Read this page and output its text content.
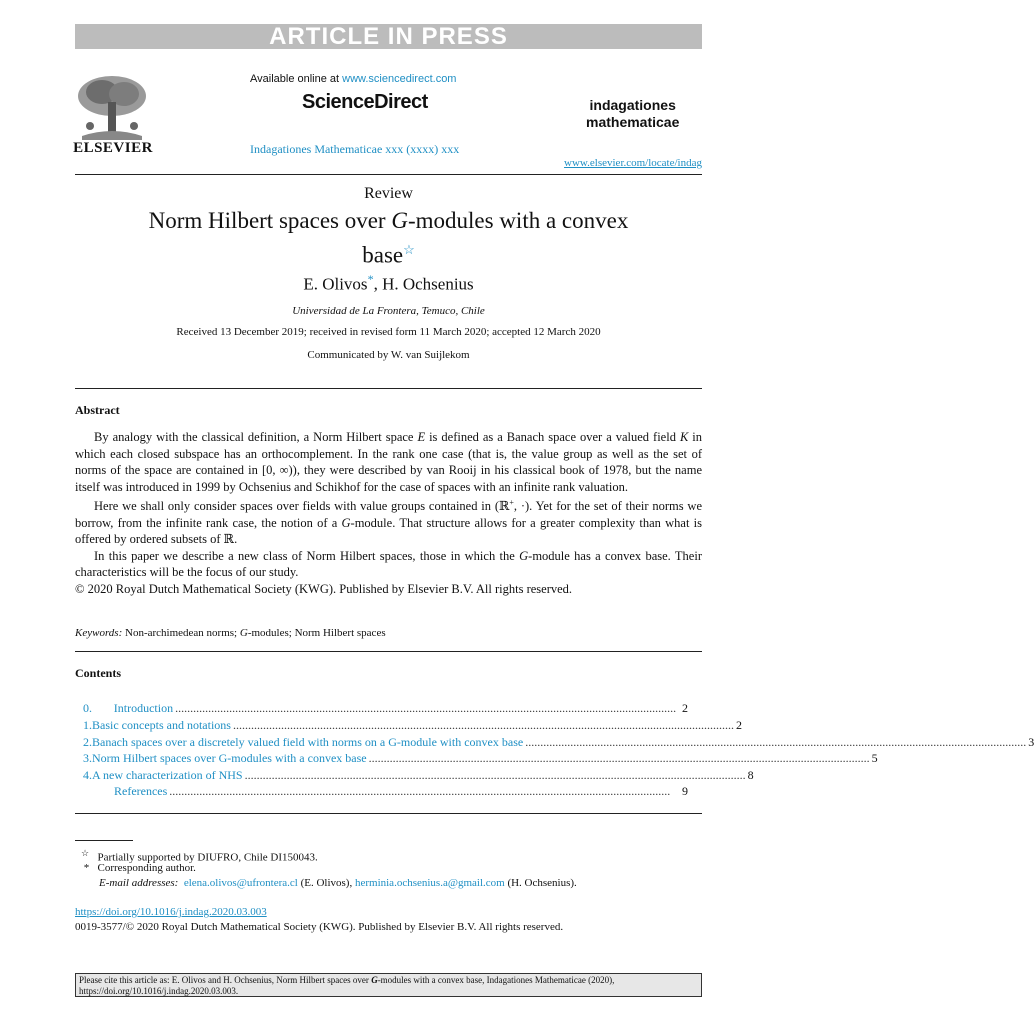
ARTICLE IN PRESS
ELSEVIER
Available online at www.sciencedirect.com
ScienceDirect
Indagationes Mathematicae xxx (xxxx) xxx
indagationes
mathematicae
www.elsevier.com/locate/indag
Review
Norm Hilbert spaces over G-modules with a convex
base☆
E. Olivos*, H. Ochsenius
Universidad de La Frontera, Temuco, Chile
Received 13 December 2019; received in revised form 11 March 2020; accepted 12 March 2020
Communicated by W. van Suijlekom
Abstract

By analogy with the classical definition, a Norm Hilbert space E is defined as a Banach space over a valued field K in which each closed subspace has an orthocomplement. In the rank one case (that is, the value group as well as the set of norms of the space are contained in [0, ∞)), they were described by van Rooij in his classical book of 1978, but the name itself was introduced in 1999 by Ochsenius and Schikhof for the case of spaces with an infinite rank valuation.

Here we shall only consider spaces over fields with value groups contained in (ℝ+, ·). Yet for the set of their norms we borrow, from the infinite rank case, the notion of a G-module. That structure allows for a greater complexity than what is offered by ordered subsets of ℝ.

In this paper we describe a new class of Norm Hilbert spaces, those in which the G-module has a convex base. Their characteristics will be the focus of our study.

© 2020 Royal Dutch Mathematical Society (KWG). Published by Elsevier B.V. All rights reserved.

Keywords: Non-archimedean norms; G-modules; Norm Hilbert spaces
Contents
0.	Introduction ....................................................................................................................................................................... 2
1. Basic concepts and notations ....................................................................................................................................................................... 2
2. Banach spaces over a discretely valued field with norms on a G-module with convex base ....................................................................................................................................................................... 3
3. Norm Hilbert spaces over G-modules with a convex base ....................................................................................................................................................................... 5
4. A new characterization of NHS ....................................................................................................................................................................... 8
References ....................................................................................................................................................................... 9
☆ Partially supported by DIUFRO, Chile DI150043.
* Corresponding author.
E-mail addresses: elena.olivos@ufrontera.cl (E. Olivos), herminia.ochsenius.a@gmail.com (H. Ochsenius).
https://doi.org/10.1016/j.indag.2020.03.003
0019-3577/© 2020 Royal Dutch Mathematical Society (KWG). Published by Elsevier B.V. All rights reserved.
Please cite this article as: E. Olivos and H. Ochsenius, Norm Hilbert spaces over G-modules with a convex base, Indagationes Mathematicae (2020),
https://doi.org/10.1016/j.indag.2020.03.003.
